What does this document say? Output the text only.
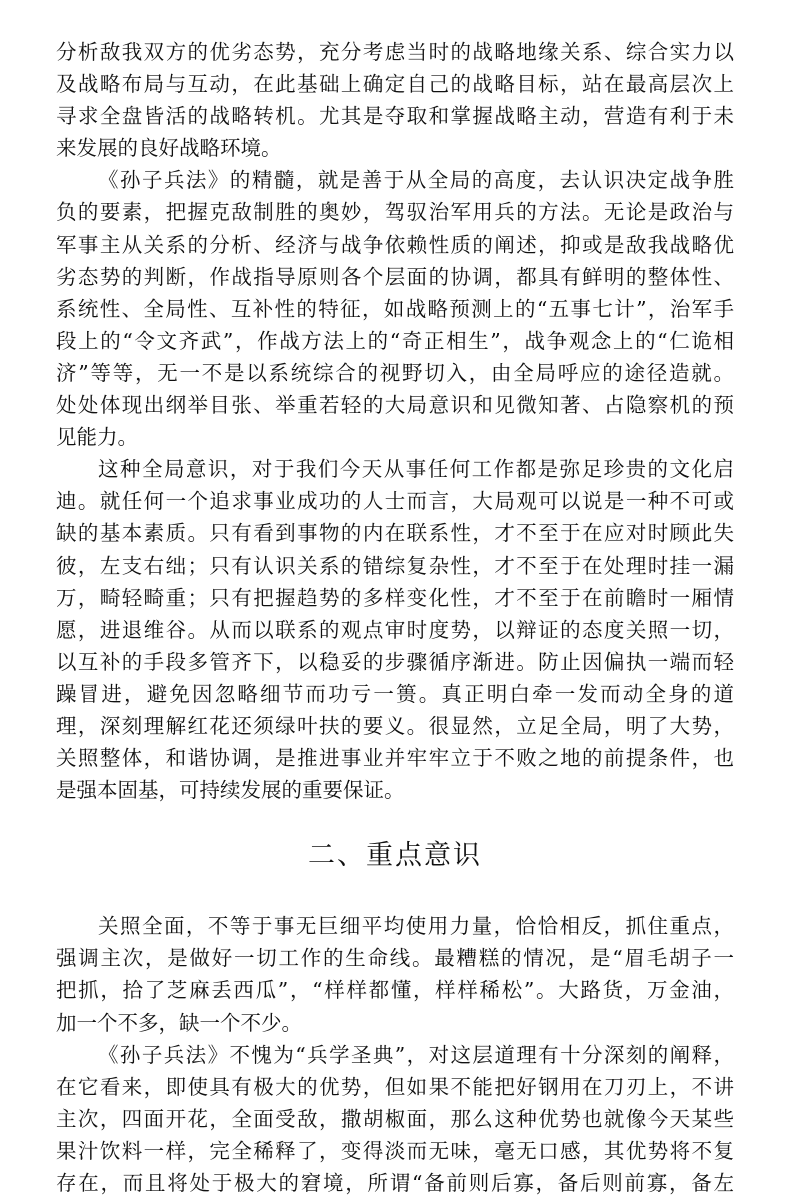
分析敌我双方的优劣态势，充分考虑当时的战略地缘关系、综合实力以
及战略布局与互动，在此基础上确定自己的战略目标，站在最高层次上
寻求全盘皆活的战略转机。尤其是夺取和掌握战略主动，营造有利于未
来发展的良好战略环境。
《孙子兵法》的精髓，就是善于从全局的高度，去认识决定战争胜
负的要素，把握克敌制胜的奥妙，驾驭治军用兵的方法。无论是政治与
军事主从关系的分析、经济与战争依赖性质的阐述，抑或是敌我战略优
劣态势的判断，作战指导原则各个层面的协调，都具有鲜明的整体性、
系统性、全局性、互补性的特征，如战略预测上的“五事七计”，治军手
段上的“令文齐武”，作战方法上的“奇正相生”，战争观念上的“仁诡相
济”等等，无一不是以系统综合的视野切入，由全局呼应的途径造就。
处处体现出纲举目张、举重若轻的大局意识和见微知著、占隐察机的预
见能力。
这种全局意识，对于我们今天从事任何工作都是弥足珍贵的文化启
迪。就任何一个追求事业成功的人士而言，大局观可以说是一种不可或
缺的基本素质。只有看到事物的内在联系性，才不至于在应对时顾此失
彼，左支右绌；只有认识关系的错综复杂性，才不至于在处理时挂一漏
万，畸轻畸重；只有把握趋势的多样变化性，才不至于在前瞻时一厢情
愿，进退维谷。从而以联系的观点审时度势，以辩证的态度关照一切，
以互补的手段多管齐下，以稳妥的步骤循序渐进。防止因偏执一端而轻
躁冒进，避免因忽略细节而功亏一篑。真正明白牵一发而动全身的道
理，深刻理解红花还须绿叶扶的要义。很显然，立足全局，明了大势，
关照整体，和谐协调，是推进事业并牢牢立于不败之地的前提条件，也
是强本固基，可持续发展的重要保证。
二、重点意识
关照全面，不等于事无巨细平均使用力量，恰恰相反，抓住重点，
强调主次，是做好一切工作的生命线。最糟糕的情况，是“眉毛胡子一
把抓，拾了芝麻丢西瓜”，“样样都懂，样样稀松”。大路货，万金油，
加一个不多，缺一个不少。
《孙子兵法》不愧为“兵学圣典”，对这层道理有十分深刻的阐释，
在它看来，即使具有极大的优势，但如果不能把好钢用在刀刃上，不讲
主次，四面开花，全面受敌，撒胡椒面，那么这种优势也就像今天某些
果汁饮料一样，完全稀释了，变得淡而无味，毫无口感，其优势将不复
存在，而且将处于极大的窘境，所谓“备前则后寡，备后则前寡，备左
